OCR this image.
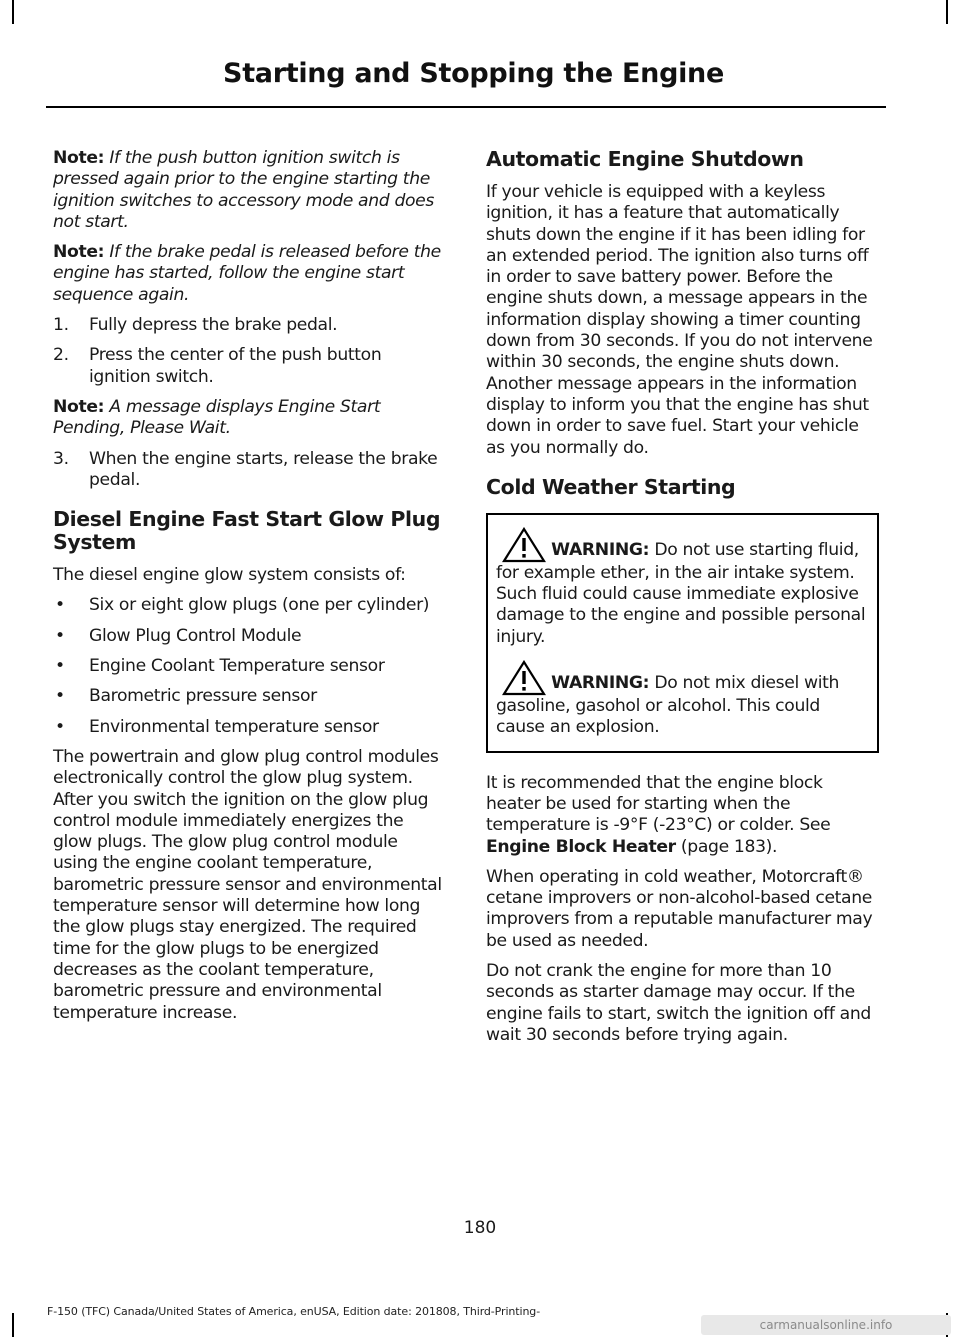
Starting and Stopping the Engine

Note: If the push button ignition switch is pressed again prior to the engine starting the ignition switches to accessory mode and does not start.

Note: If the brake pedal is released before the engine has started, follow the engine start sequence again.

1. Fully depress the brake pedal.
2. Press the center of the push button ignition switch.

Note: A message displays Engine Start Pending, Please Wait.

3. When the engine starts, release the brake pedal.
Diesel Engine Fast Start Glow Plug System

The diesel engine glow system consists of:

• Six or eight glow plugs (one per cylinder)
• Glow Plug Control Module
• Engine Coolant Temperature sensor
• Barometric pressure sensor
• Environmental temperature sensor

The powertrain and glow plug control modules electronically control the glow plug system. After you switch the ignition on the glow plug control module immediately energizes the glow plugs. The glow plug control module using the engine coolant temperature, barometric pressure sensor and environmental temperature sensor will determine how long the glow plugs stay energized. The required time for the glow plugs to be energized decreases as the coolant temperature, barometric pressure and environmental temperature increase.

Automatic Engine Shutdown

If your vehicle is equipped with a keyless ignition, it has a feature that automatically shuts down the engine if it has been idling for an extended period. The ignition also turns off in order to save battery power. Before the engine shuts down, a message appears in the information display showing a timer counting down from 30 seconds. If you do not intervene within 30 seconds, the engine shuts down. Another message appears in the information display to inform you that the engine has shut down in order to save fuel. Start your vehicle as you normally do.

Cold Weather Starting
WARNING: Do not use starting fluid, for example ether, in the air intake system. Such fluid could cause immediate explosive damage to the engine and possible personal injury.
WARNING: Do not mix diesel with gasoline, gasohol or alcohol. This could cause an explosion.

It is recommended that the engine block heater be used for starting when the temperature is -9°F (-23°C) or colder. See Engine Block Heater (page 183).

When operating in cold weather, Motorcraft® cetane improvers or non-alcohol-based cetane improvers from a reputable manufacturer may be used as needed.

Do not crank the engine for more than 10 seconds as starter damage may occur. If the engine fails to start, switch the ignition off and wait 30 seconds before trying again.

180
F-150 (TFC) Canada/United States of America, enUSA, Edition date: 201808, Third-Printing-
carmanualsonline.info
